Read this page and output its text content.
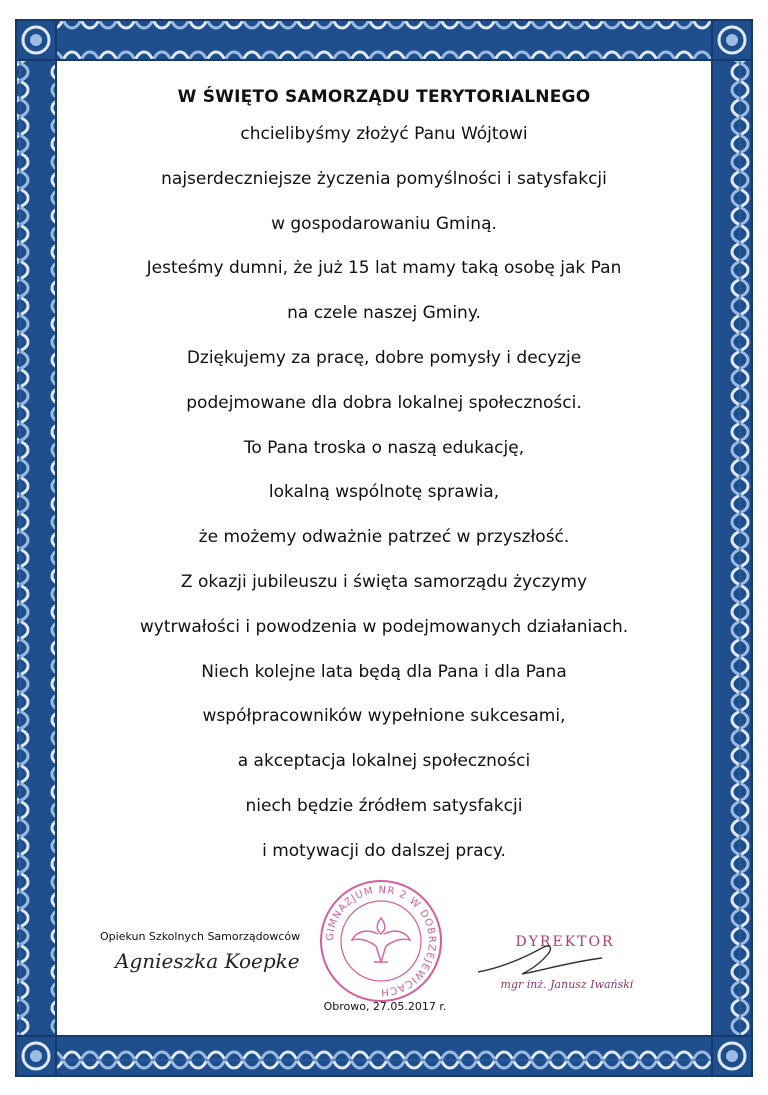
W ŚWIĘTO SAMORZĄDU TERYTORIALNEGO
chcielibyśmy złożyć Panu Wójtowi
najserdeczniejsze życzenia pomyślności i satysfakcji
w gospodarowaniu Gminą.
Jesteśmy dumni, że już 15 lat mamy taką osobę jak Pan
na czele naszej Gminy.
Dziękujemy za pracę, dobre pomysły i decyzje
podejmowane dla dobra lokalnej społeczności.
To Pana troska o naszą edukację,
lokalną wspólnotę sprawia,
że możemy odważnie patrzeć w przyszłość.
Z okazji jubileuszu i święta samorządu życzymy
wytrwałości i powodzenia w podejmowanych działaniach.
Niech kolejne lata będą dla Pana i dla Pana
współpracowników wypełnione sukcesami,
a akceptacja lokalnej społeczności
niech będzie źródłem satysfakcji
i motywacji do dalszej pracy.
Opiekun Szkolnych Samorządowców
Agnieszka Koepke
GIMNAZJUM NR 2 W DOBRZEJEWICACH
DYREKTOR
mgr inż. Janusz Iwański
Obrowo, 27.05.2017 r.
